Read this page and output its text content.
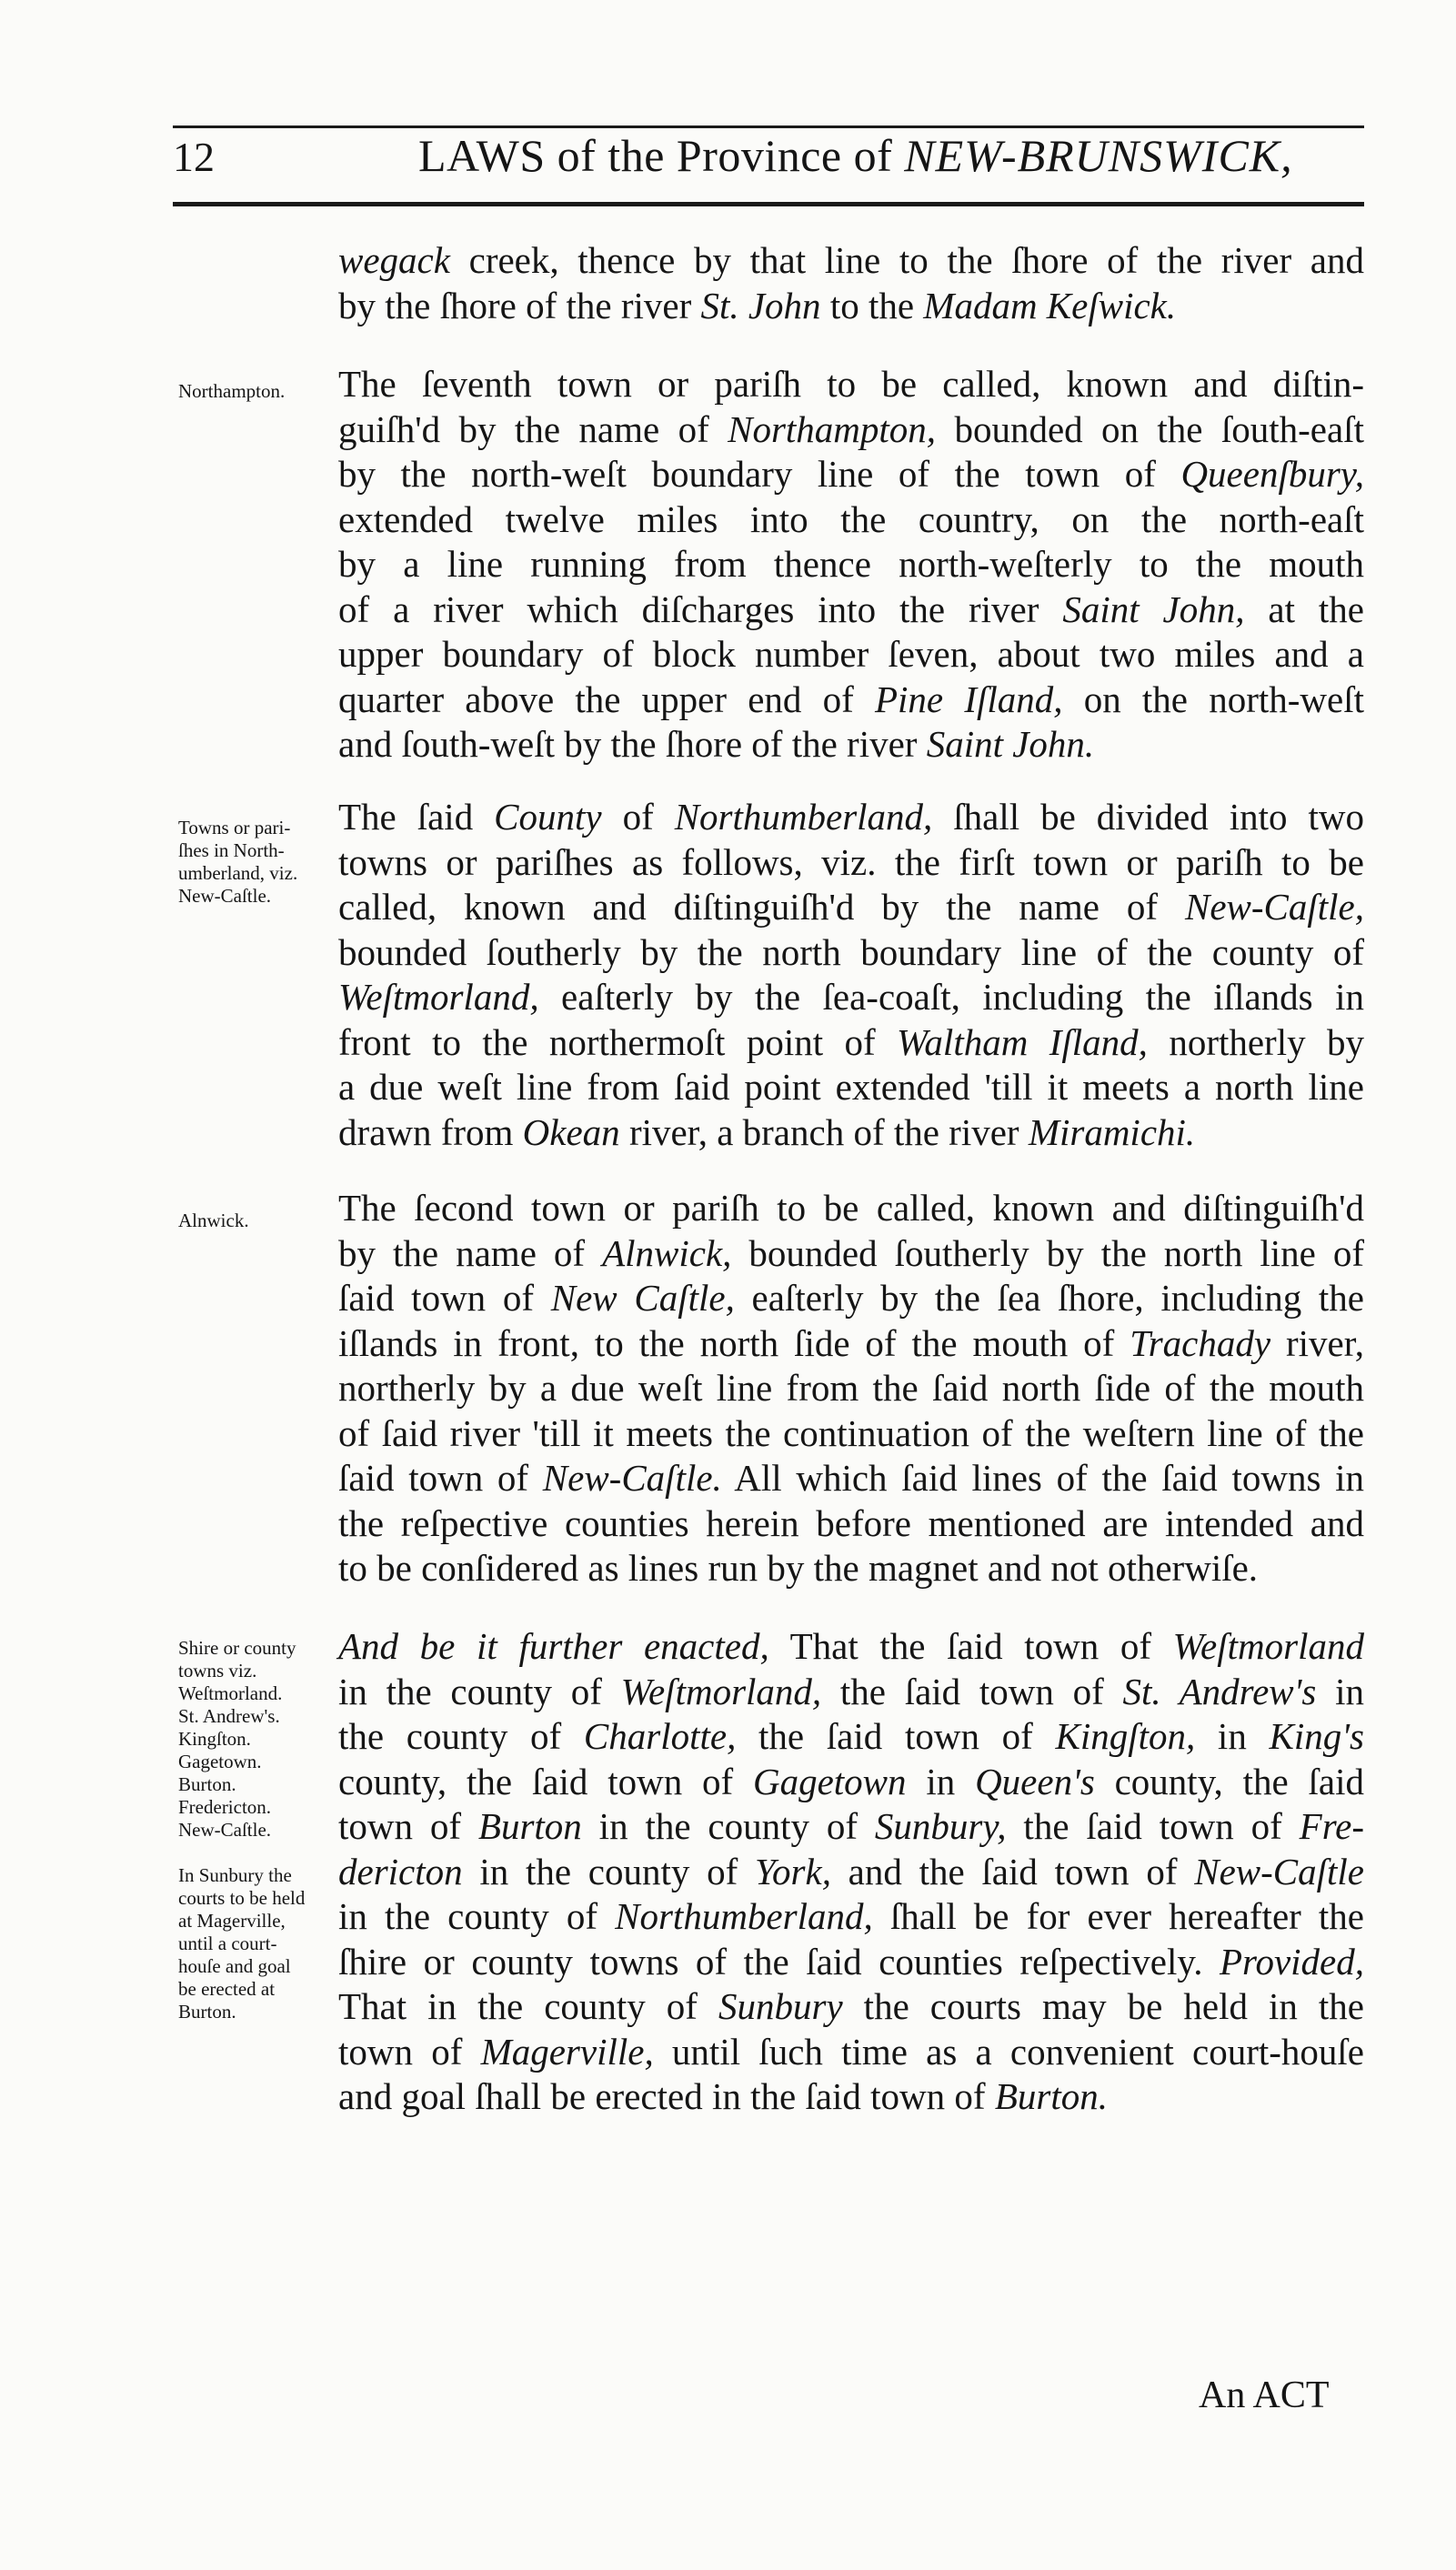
12	LAWS of the Province of NEW-BRUNSWICK,
wegack creek, thence by that line to the ſhore of the river and
by the ſhore of the river St. John to the Madam Keſwick.
Northampton.	The ſeventh town or pariſh to be called, known and diſtin-
guiſh'd by the name of Northampton, bounded on the ſouth-eaſt
by the north-weſt boundary line of the town of Queenſbury,
extended twelve miles into the country, on the north-eaſt
by a line running from thence north-weſterly to the mouth
of a river which diſcharges into the river Saint John, at the
upper boundary of block number ſeven, about two miles and a
quarter above the upper end of Pine Iſland, on the north-weſt
and ſouth-weſt by the ſhore of the river Saint John.
Towns or pari-
ſhes in North-
umberland, viz.
New-Caſtle.
The ſaid County of Northumberland, ſhall be divided into two
towns or pariſhes as follows, viz. the firſt town or pariſh to be
called, known and diſtinguiſh'd by the name of New-Caſtle,
bounded ſoutherly by the north boundary line of the county of
Weſtmorland, eaſterly by the ſea-coaſt, including the iſlands in
front to the northermoſt point of Waltham Iſland, northerly by
a due weſt line from ſaid point extended 'till it meets a north line
drawn from Okean river, a branch of the river Miramichi.
Alnwick.	The ſecond town or pariſh to be called, known and diſtinguiſh'd
by the name of Alnwick, bounded ſoutherly by the north line of
ſaid town of New Caſtle, eaſterly by the ſea ſhore, including the
iſlands in front, to the north ſide of the mouth of Trachady river,
northerly by a due weſt line from the ſaid north ſide of the mouth
of ſaid river 'till it meets the continuation of the weſtern line of the
ſaid town of New-Caſtle. All which ſaid lines of the ſaid towns in
the reſpective counties herein before mentioned are intended and
to be conſidered as lines run by the magnet and not otherwiſe.
Shire or county
towns viz.
Weſtmorland.
St. Andrew's.
Kingſton.
Gagetown.
Burton.
Fredericton.
New-Caſtle.

In Sunbury the
courts to be held
at Magerville,
until a court-
houſe and goal
be erected at
Burton.
And be it further enacted, That the ſaid town of Weſtmorland
in the county of Weſtmorland, the ſaid town of St. Andrew's in
the county of Charlotte, the ſaid town of Kingſton, in King's
county, the ſaid town of Gagetown in Queen's county, the ſaid
town of Burton in the county of Sunbury, the ſaid town of Fre-
dericton in the county of York, and the ſaid town of New-Caſtle
in the county of Northumberland, ſhall be for ever hereafter the
ſhire or county towns of the ſaid counties reſpectively. Provided,
That in the county of Sunbury the courts may be held in the
town of Magerville, until ſuch time as a convenient court-houſe
and goal ſhall be erected in the ſaid town of Burton.
An ACT
